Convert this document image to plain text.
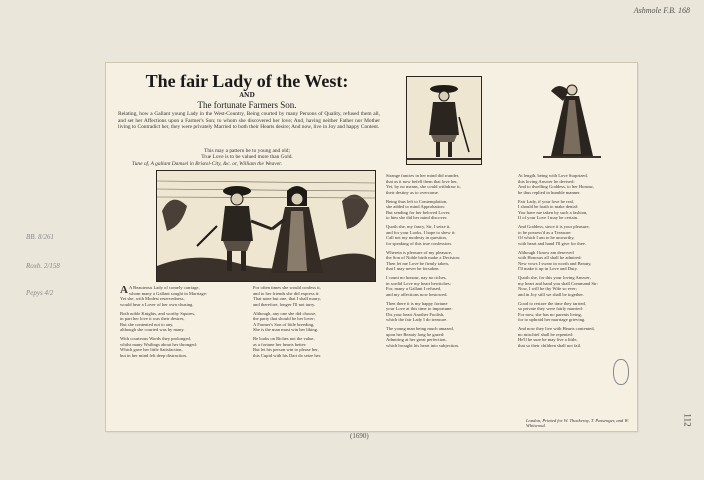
Ashmole F.B. 168
BB. 8/261
Roxb. 2/158
Pepys 4/2
(1690)
112
The fair Lady of the West:
AND
The fortunate Farmers Son.
Relating, how a Gallant young Lady in the West-Country, Being courted by many Persons of Quality, refused them all, and set her Affections upon a Farmer's Son; to whom she discovered her love; And, having neither Father nor Mother living to Contradict her, they were privately Married to both their Hearts desire; And now, live in Joy and happy Content.
This may a pattern be to young and old;
True Love is to be valued more than Gold.
Tune of, A gallant Damsel in Bristol-City, &c. or, William the Weaver.
A A Beauteous Lady of comely carriage,
whom many a Gallant sought in Marriage:
Yet she, with Modest reservedness,
would hear a Lover of her own chusing.
Both noble Knights, and worthy Squires,
in part her love it was their desires,
But she contented not to any,
although she courted was by many.
With courteous Words they prolonged,
whilst many Wailings about her thronged:
Which gave her little Satisfaction,
but in her mind felt deep distraction.
For often times she would confess it,
and to her friends she did express it:
That none but one, that I shall marry,
and therefore, longer I'll not tarry.
Although, any one she did choose,
the party that should be her lover;
A Farmer's Son of little breeding,
She is the man must win her liking.
Be looks on Riches not the value,
as a fortune her hearts better:
But let his person win to please her,
this Cupid with his Dart do seize her.
Strange fancies in her mind did wander,
that as it now befell them that love her,
Yet, by no means, she could withdraw it,
their destiny as to overcome.
Being thus left to Contemplation,
she added to mind Approbation:
But sending for her beloved Lover,
to him she did her mind discover.
Quoth she, my fancy, Sir, I seize it,
and for your Looks, I hope to shew it:
Call not my modesty in question,
for speaking of this true confession.
Wherein is pleasure of my pleasure,
the Son of Noble birth make a Decision:
Then let me Love be firmly taken,
that I may never be forsaken.
I count no honour, nay no riches,
in sordid Love my heart bewitches:
For, many a Gallant I refused,
and my affections now bestowed.
Then there it is my happy fortune
your Love at this time to importune:
Dis your heart Another Foolish,
which the fair Lady I do treasure.
The young man being much amazed,
upon her Beauty long he gazed:
Admiring at her great perfection,
which brought his heart into subjection.
At length, being with Love Surprized,
this loving Answer he devised:
And to dwelling Goddess, to her Honour,
he thus replied in humble manner.
Fair Lady, if your love be real,
I should be loath to make denial:
You have me taken by such a fashion,
If of your Love I may be certain.
And Goddess, since it is your pleasure,
to be possess'd as a Treasure:
Of which I am to be unworthy,
with heart and hand I'll give for thee.
Although I know am deserved
with Honours all shall be admired:
New vows I swear in worth and Beauty,
I'll make it up in Love and Duty.
Quoth she, for this your loving Answer,
my heart and hand you shall Command Sir:
Now, I will be thy Wife so ever;
and in Joy still we shall be together.
Good to restore the time they tarried,
so private they were fairly married:
For now, she has no parents living,
for to upbraid her marriage grieving.
And now they live with Hearts contented,
no mischief shall be repented:
He'll be sure he may live a little,
that so their children shall not fail.
London, Printed for W. Thackeray, T. Passenger, and W. Whitwood.
